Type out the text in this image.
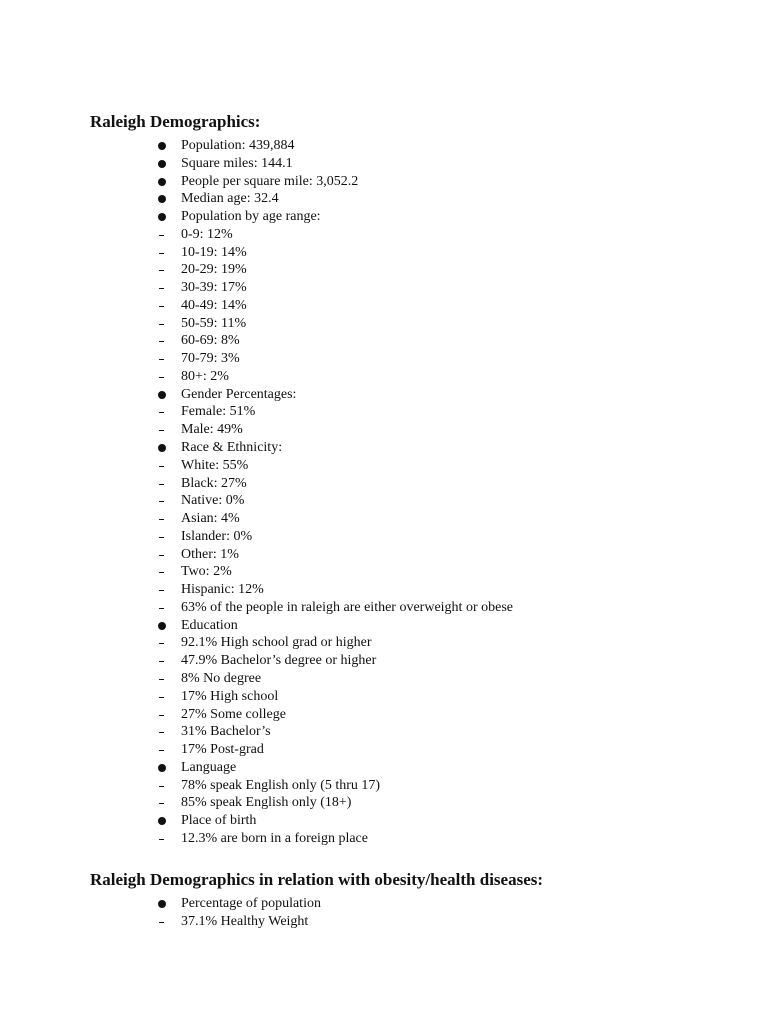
Raleigh Demographics:
Population: 439,884
Square miles: 144.1
People per square mile: 3,052.2
Median age: 32.4
Population by age range:
0-9: 12%
10-19: 14%
20-29: 19%
30-39: 17%
40-49: 14%
50-59: 11%
60-69: 8%
70-79: 3%
80+: 2%
Gender Percentages:
Female: 51%
Male: 49%
Race & Ethnicity:
White: 55%
Black: 27%
Native: 0%
Asian: 4%
Islander: 0%
Other: 1%
Two: 2%
Hispanic: 12%
63% of the people in raleigh are either overweight or obese
Education
92.1% High school grad or higher
47.9% Bachelor’s degree or higher
8% No degree
17% High school
27% Some college
31% Bachelor’s
17% Post-grad
Language
78% speak English only (5 thru 17)
85% speak English only (18+)
Place of birth
12.3% are born in a foreign place
Raleigh Demographics in relation with obesity/health diseases:
Percentage of population
37.1% Healthy Weight
